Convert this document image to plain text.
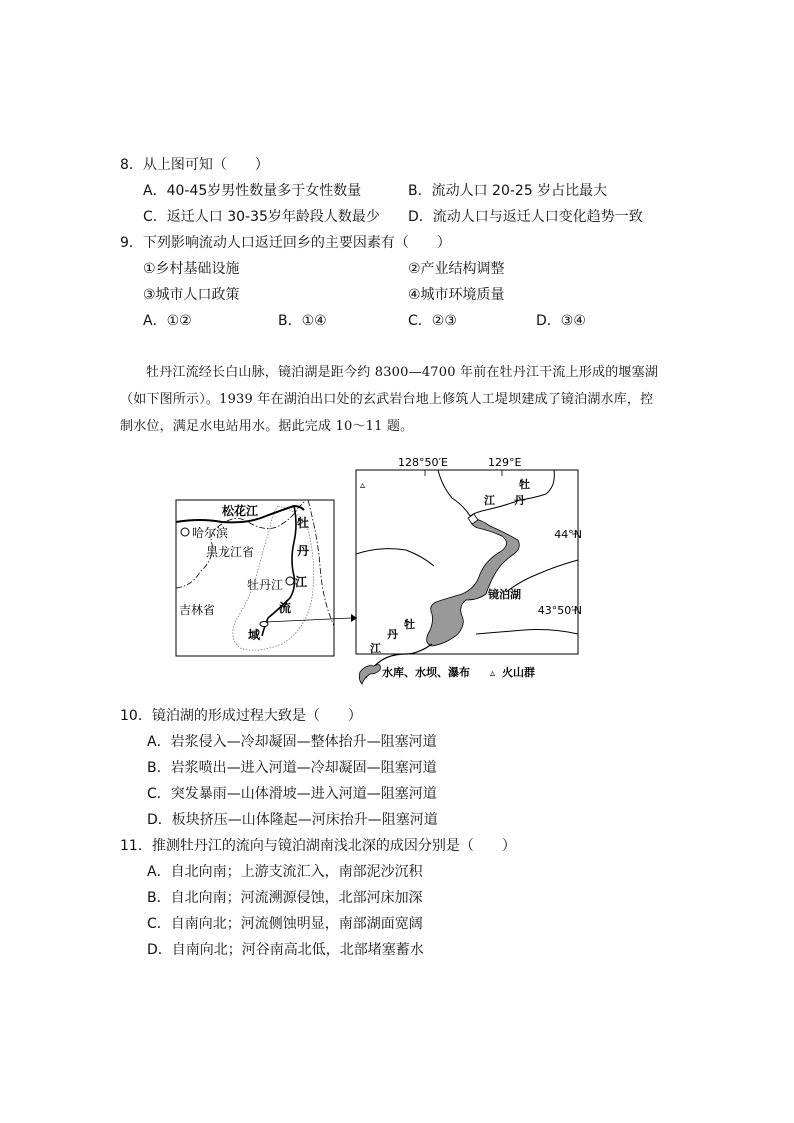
8．从上图可知（　　）
A．40-45岁男性数量多于女性数量	B．流动人口 20-25 岁占比最大
C．返迁人口 30-35岁年龄段人数最少 D．流动人口与返迁人口变化趋势一致
9．下列影响流动人口返迁回乡的主要因素有（　　）
①乡村基础设施	②产业结构调整
③城市人口政策	④城市环境质量
A．①②	B．①④	C．②③	D．③④
牡丹江流经长白山脉，镜泊湖是距今约 8300—4700 年前在牡丹江干流上形成的堰塞湖
（如下图所示）。1939 年在湖泊出口处的玄武岩台地上修筑人工堤坝建成了镜泊湖水库，控
制水位，满足水电站用水。据此完成 10～11 题。
松花江
哈尔滨
黑龙江省
牡丹江
吉林省
牡
丹
江
流
域
▵
128°50′E	129°E
44°N
43°50′N
镜泊湖
牡
丹
江
江
丹
牡
水库、水坝、瀑布 ▵ 火山群
10．镜泊湖的形成过程大致是（　　）
A．岩浆侵入—冷却凝固—整体抬升—阻塞河道
B．岩浆喷出—进入河道—冷却凝固—阻塞河道
C．突发暴雨—山体滑坡—进入河道—阻塞河道
D．板块挤压—山体隆起—河床抬升—阻塞河道
11．推测牡丹江的流向与镜泊湖南浅北深的成因分别是（　　）
A．自北向南；上游支流汇入，南部泥沙沉积
B．自北向南；河流溯源侵蚀，北部河床加深
C．自南向北；河流侧蚀明显，南部湖面宽阔
D．自南向北；河谷南高北低，北部堵塞蓄水
